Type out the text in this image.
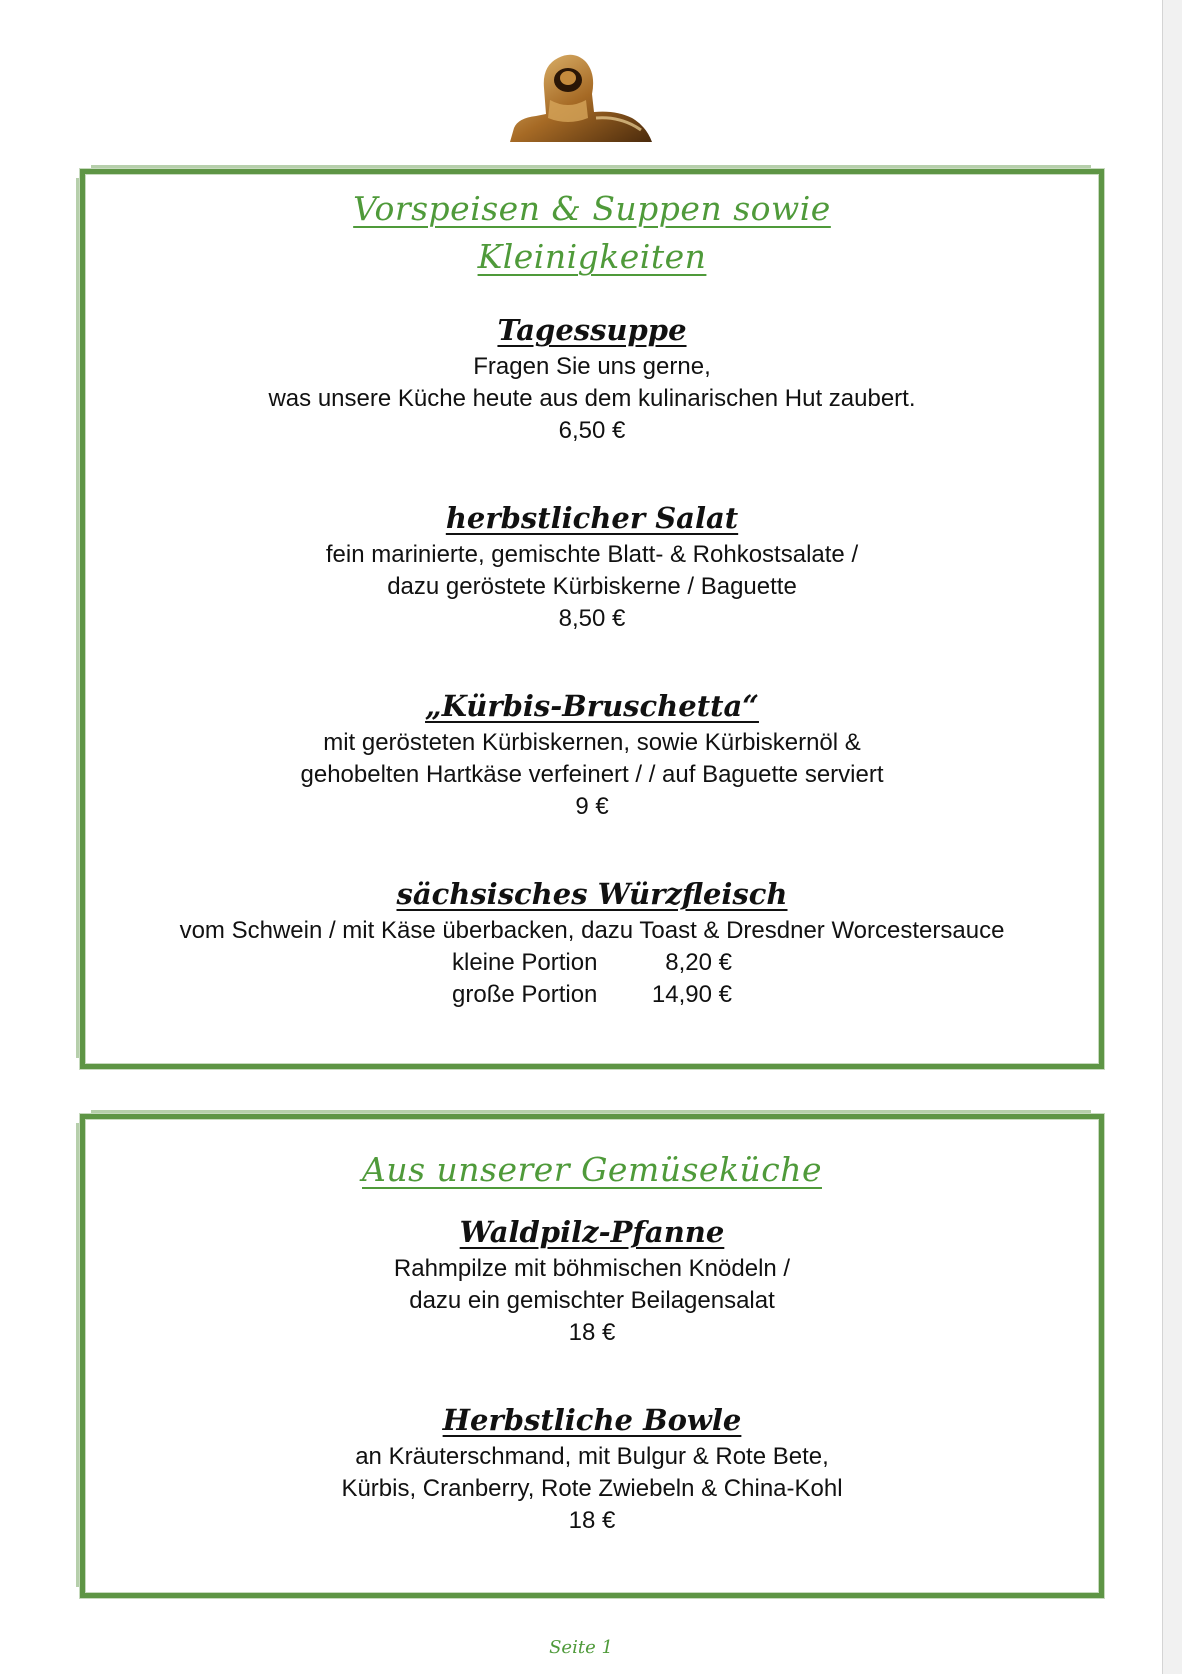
Vorspeisen & Suppen sowie
Kleinigkeiten
Tagessuppe
Fragen Sie uns gerne,
was unsere Küche heute aus dem kulinarischen Hut zaubert.
6,50 €
herbstlicher Salat
fein marinierte, gemischte Blatt- & Rohkostsalate /
dazu geröstete Kürbiskerne / Baguette
8,50 €
„Kürbis-Bruschetta“
mit gerösteten Kürbiskernen, sowie Kürbiskernöl &
gehobelten Hartkäse verfeinert / / auf Baguette serviert
9 €
sächsisches Würzfleisch
vom Schwein / mit Käse überbacken, dazu Toast & Dresdner Worcestersauce
kleine Portion	8,20 €
große Portion	14,90 €
Aus unserer Gemüseküche
Waldpilz-Pfanne
Rahmpilze mit böhmischen Knödeln /
dazu ein gemischter Beilagensalat
18 €
Herbstliche Bowle
an Kräuterschmand, mit Bulgur & Rote Bete,
Kürbis, Cranberry, Rote Zwiebeln & China-Kohl
18 €
Seite 1
